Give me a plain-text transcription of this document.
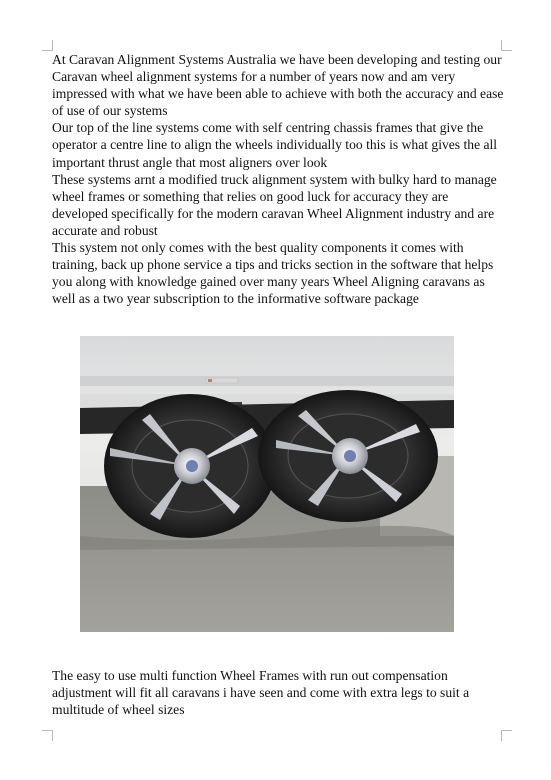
At Caravan Alignment Systems Australia we have been developing and testing our Caravan wheel alignment systems for a number of years now and am very impressed with what we have been able to achieve with both the accuracy and ease of use of our systems

Our top of the line systems come with self centring chassis frames that give the operator a centre line to align the wheels individually too this is what gives the all important thrust angle that most aligners over look

These systems arnt a modified truck alignment system with bulky hard to manage wheel frames or something that relies on good luck for accuracy they are developed specifically for the modern caravan Wheel Alignment industry and are accurate and robust

This system not only comes with the best quality components it comes with training, back up phone service a tips and tricks section in the software that helps you along with knowledge gained over many years Wheel Aligning caravans as well as a two year subscription to the informative software package

The easy to use multi function Wheel Frames with run out compensation adjustment will fit all caravans i have seen and come with extra legs to suit a multitude of wheel sizes
